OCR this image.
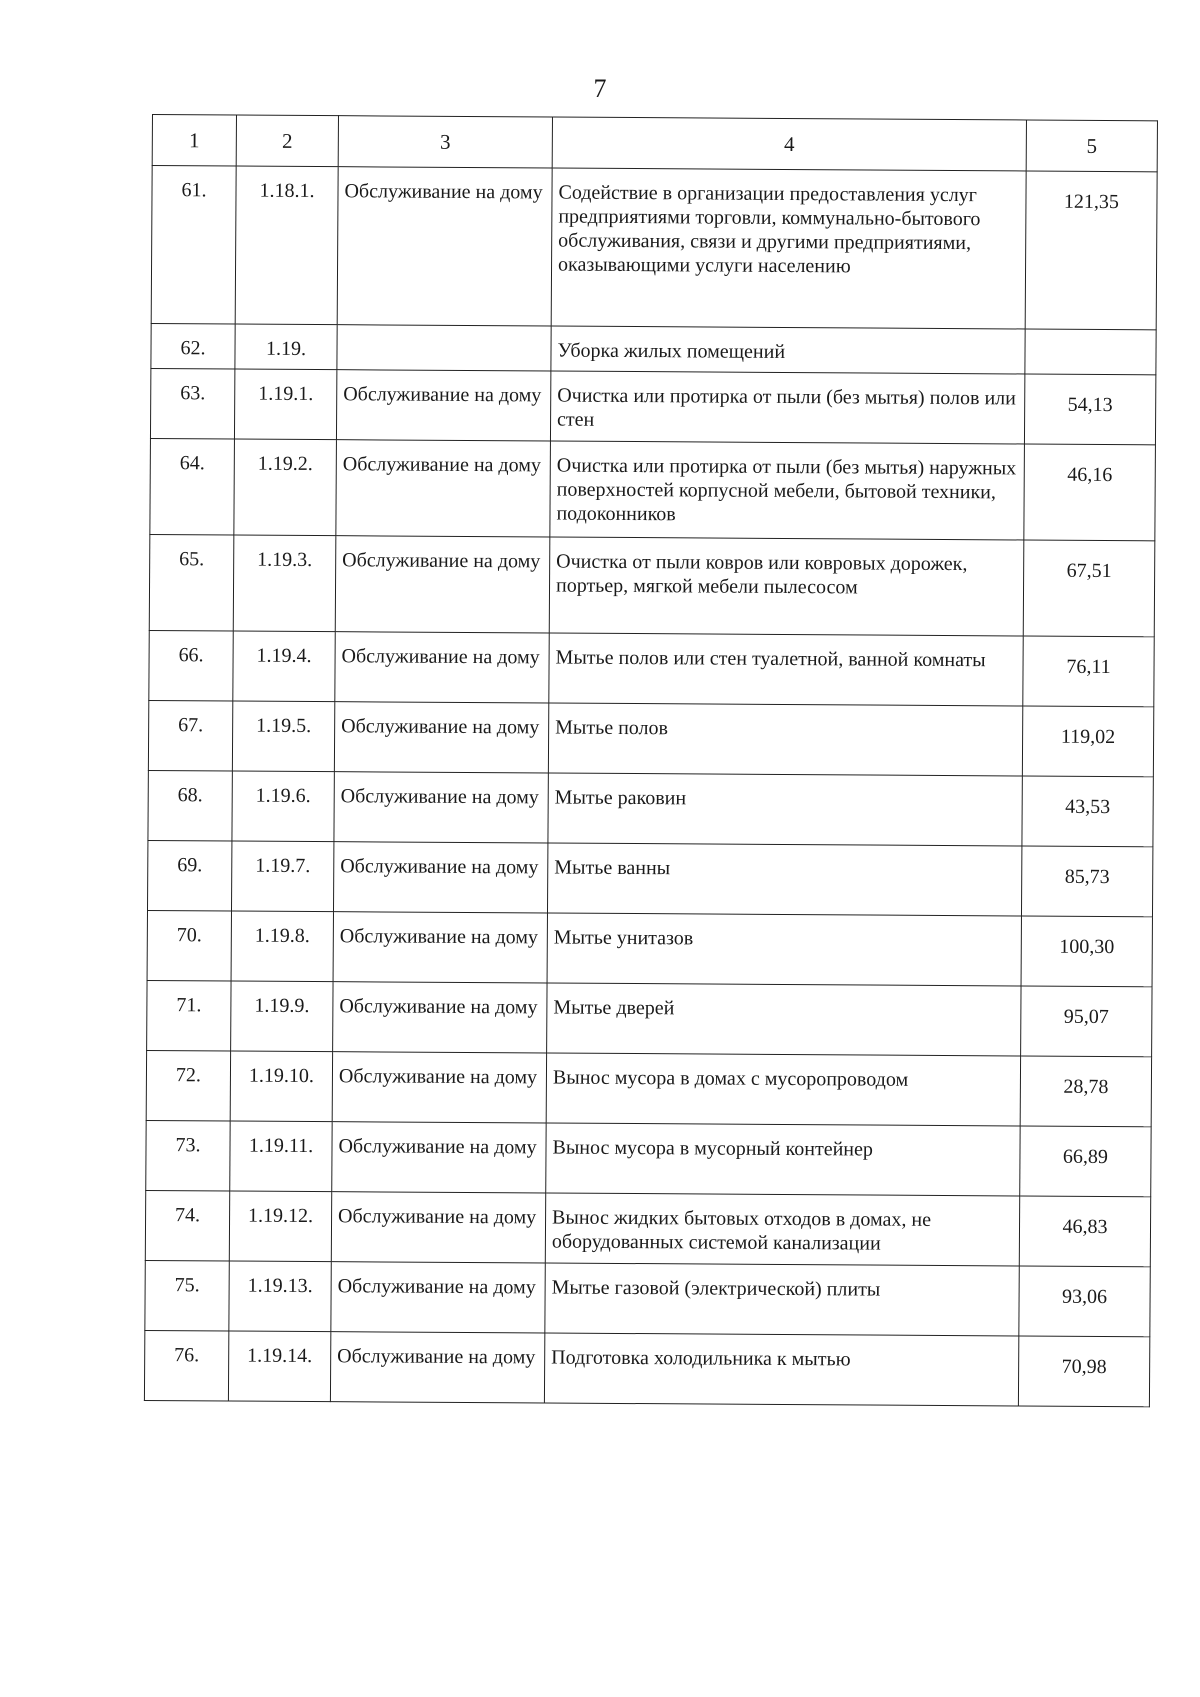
7
1	2	3	4	5
61.	1.18.1.	Обслуживание на дому	Содействие в организации предоставления услуг предприятиями торговли, коммунально-бытового обслуживания, связи и другими предприятиями, оказывающими услуги населению	121,35
62.	1.19.		Уборка жилых помещений	
63.	1.19.1.	Обслуживание на дому	Очистка или протирка от пыли (без мытья) полов или стен	54,13
64.	1.19.2.	Обслуживание на дому	Очистка или протирка от пыли (без мытья) наружных поверхностей корпусной мебели, бытовой техники, подоконников	46,16
65.	1.19.3.	Обслуживание на дому	Очистка от пыли ковров или ковровых дорожек, портьер, мягкой мебели пылесосом	67,51
66.	1.19.4.	Обслуживание на дому	Мытье полов или стен туалетной, ванной комнаты	76,11
67.	1.19.5.	Обслуживание на дому	Мытье полов	119,02
68.	1.19.6.	Обслуживание на дому	Мытье раковин	43,53
69.	1.19.7.	Обслуживание на дому	Мытье ванны	85,73
70.	1.19.8.	Обслуживание на дому	Мытье унитазов	100,30
71.	1.19.9.	Обслуживание на дому	Мытье дверей	95,07
72.	1.19.10.	Обслуживание на дому	Вынос мусора в домах с мусоропроводом	28,78
73.	1.19.11.	Обслуживание на дому	Вынос мусора в мусорный контейнер	66,89
74.	1.19.12.	Обслуживание на дому	Вынос жидких бытовых отходов в домах, не оборудованных системой канализации	46,83
75.	1.19.13.	Обслуживание на дому	Мытье газовой (электрической) плиты	93,06
76.	1.19.14.	Обслуживание на дому	Подготовка холодильника к мытью	70,98
